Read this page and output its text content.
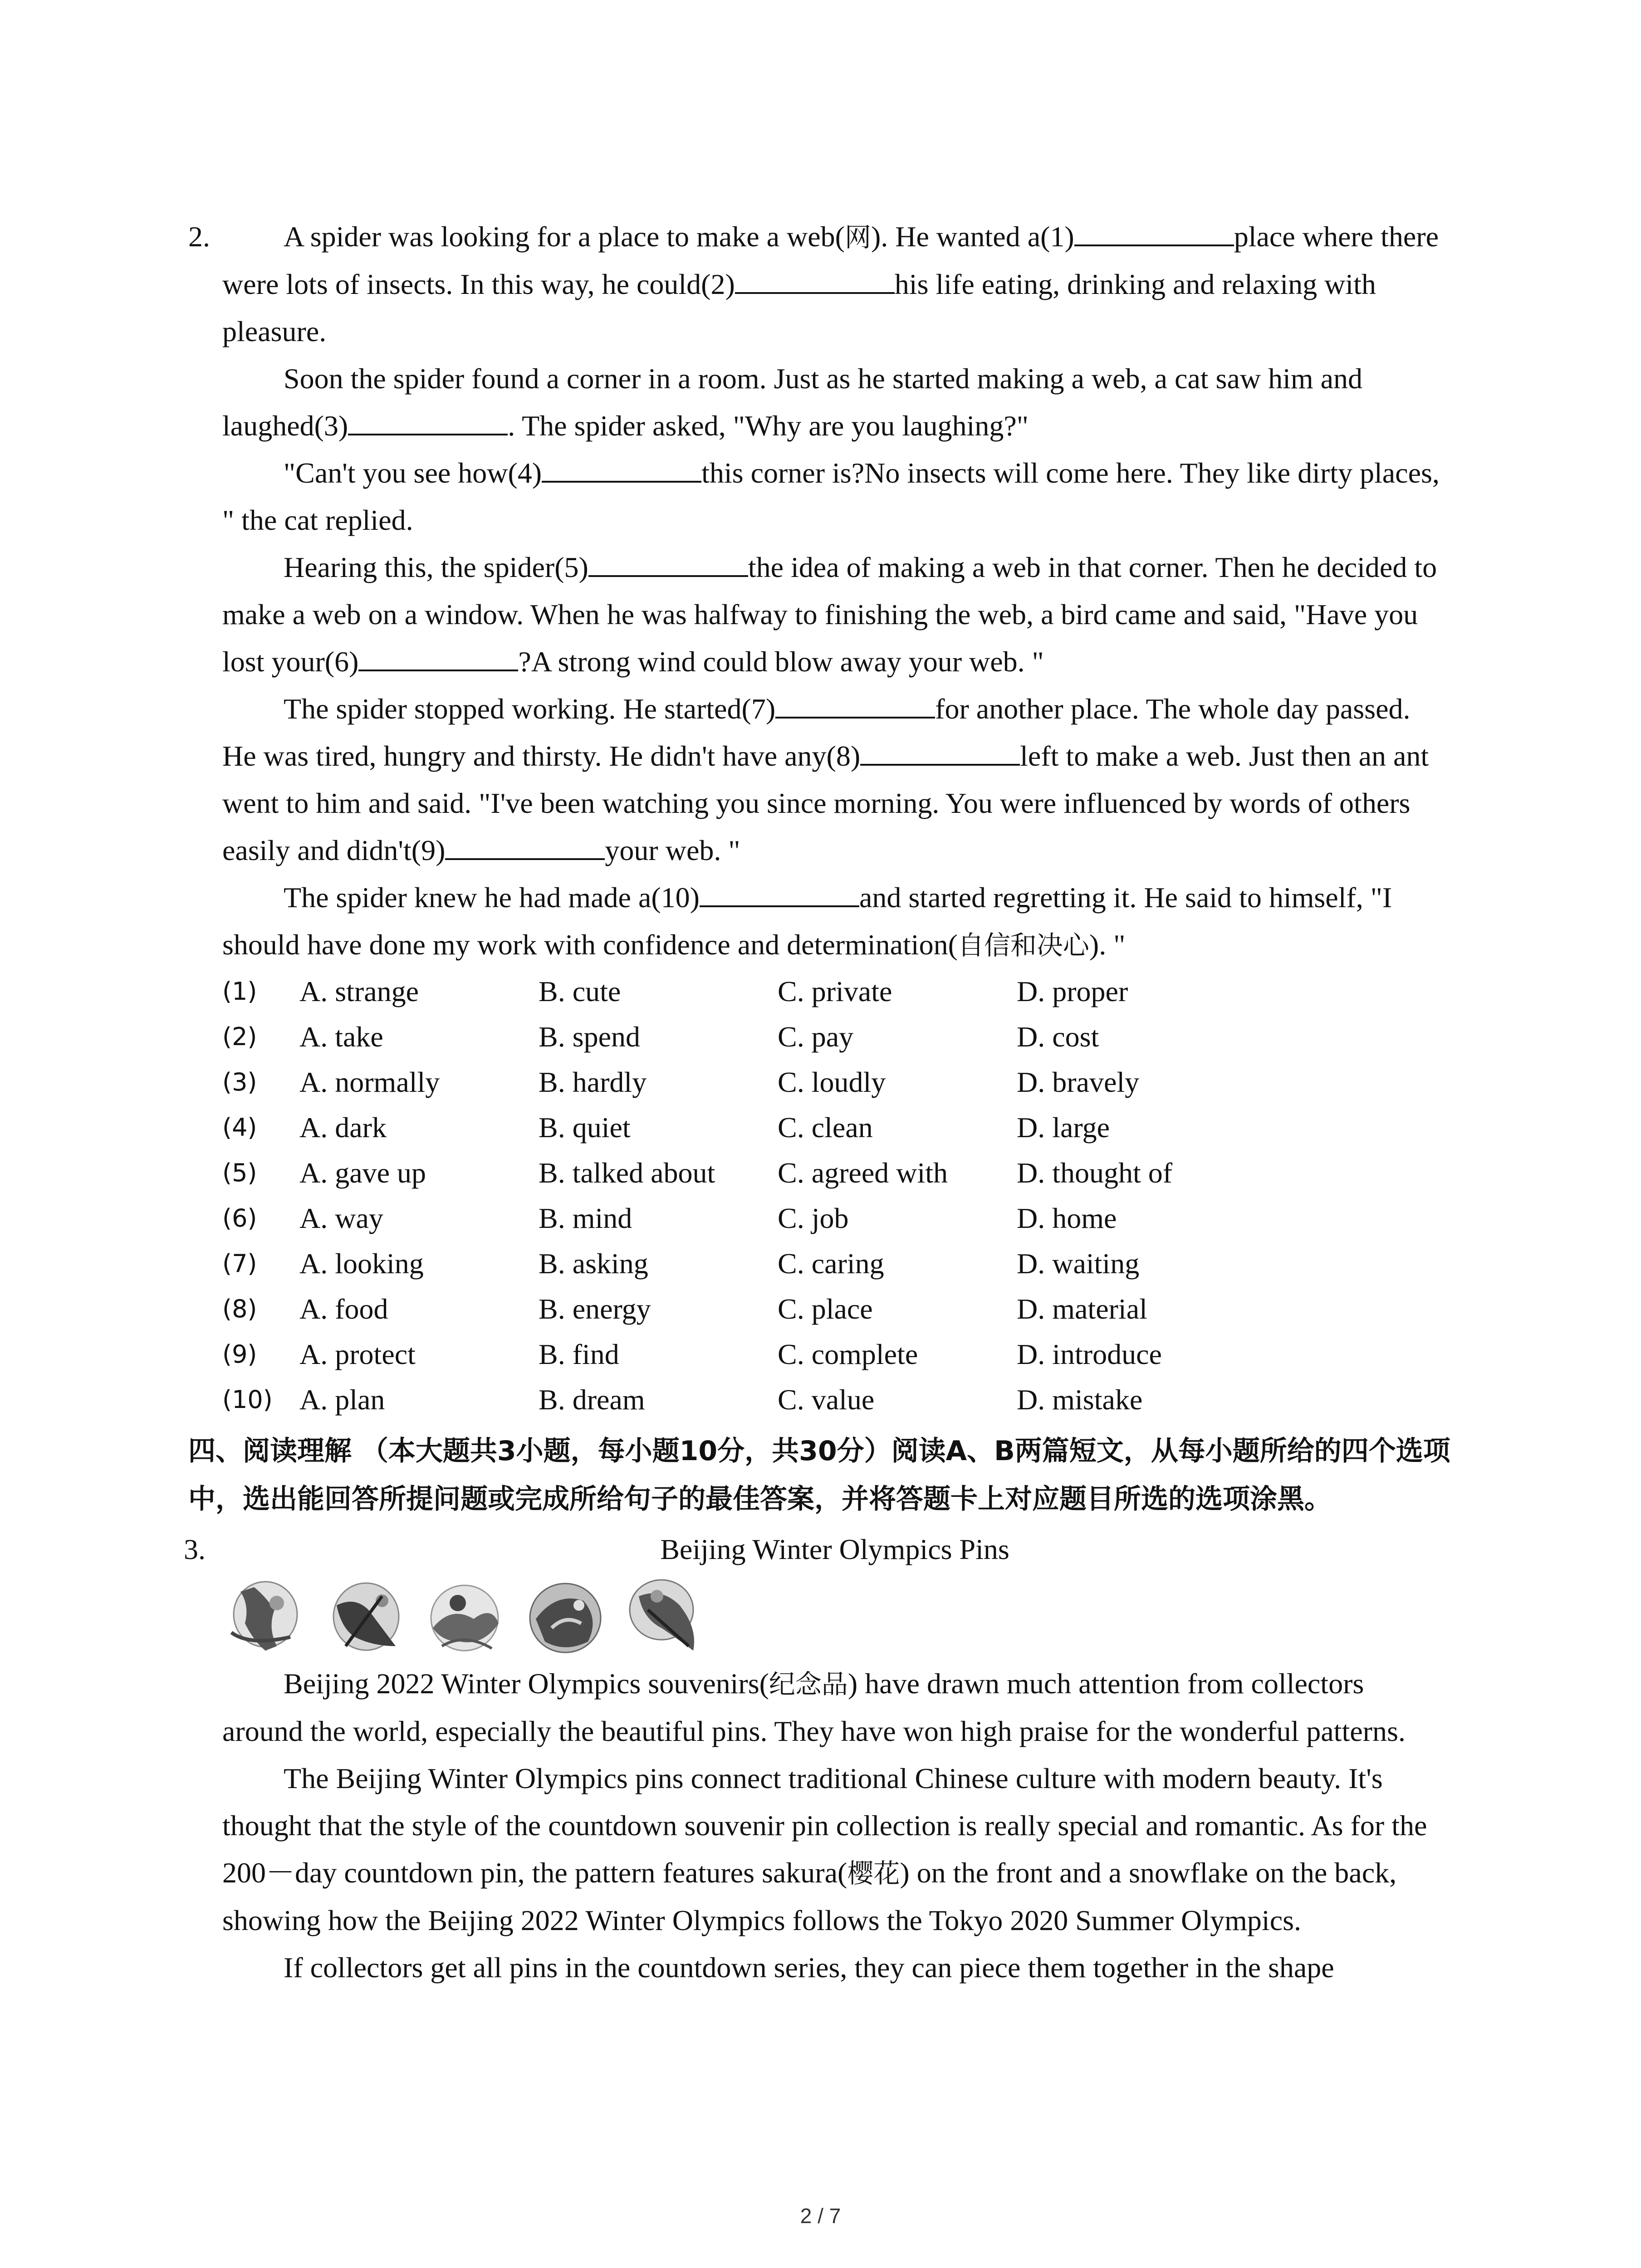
2.	A spider was looking for a place to make a web(网). He wanted a(1)	place where there were lots of insects. In this way, he could(2)	his life eating, drinking and relaxing with pleasure.

Soon the spider found a corner in a room. Just as he started making a web, a cat saw him and laughed(3)	. The spider asked, "Why are you laughing?"

"Can't you see how(4)	this corner is?No insects will come here. They like dirty places, " the cat replied.

Hearing this, the spider(5)	the idea of making a web in that corner. Then he decided to make a web on a window. When he was halfway to finishing the web, a bird came and said, "Have you lost your(6)	?A strong wind could blow away your web. "

The spider stopped working. He started(7)	for another place. The whole day passed. He was tired, hungry and thirsty. He didn't have any(8)	left to make a web. Just then an ant went to him and said. "I've been watching you since morning. You were influenced by words of others easily and didn't(9)	your web. "

The spider knew he had made a(10)	and started regretting it. He said to himself, "I should have done my work with confidence and determination(自信和决心). "

(1)	A. strange	B. cute	C. private	D. proper
(2)	A. take	B. spend	C. pay	D. cost
(3)	A. normally	B. hardly	C. loudly	D. bravely
(4)	A. dark	B. quiet	C. clean	D. large
(5)	A. gave up	B. talked about	C. agreed with	D. thought of
(6)	A. way	B. mind	C. job	D. home
(7)	A. looking	B. asking	C. caring	D. waiting
(8)	A. food	B. energy	C. place	D. material
(9)	A. protect	B. find	C. complete	D. introduce
(10) A. plan	B. dream	C. value	D. mistake
四、阅读理解 （本大题共3小题，每小题10分，共30分）阅读A、B两篇短文，从每小题所给的四个选项中，选出能回答所提问题或完成所给句子的最佳答案，并将答题卡上对应题目所选的选项涂黑。
3.	Beijing Winter Olympics Pins

Beijing 2022 Winter Olympics souvenirs(纪念品) have drawn much attention from collectors around the world, especially the beautiful pins. They have won high praise for the wonderful patterns.

The Beijing Winter Olympics pins connect traditional Chinese culture with modern beauty. It's thought that the style of the countdown souvenir pin collection is really special and romantic. As for the 200－day countdown pin, the pattern features sakura(樱花) on the front and a snowflake on the back, showing how the Beijing 2022 Winter Olympics follows the Tokyo 2020 Summer Olympics.

If collectors get all pins in the countdown series, they can piece them together in the shape

2 / 7
